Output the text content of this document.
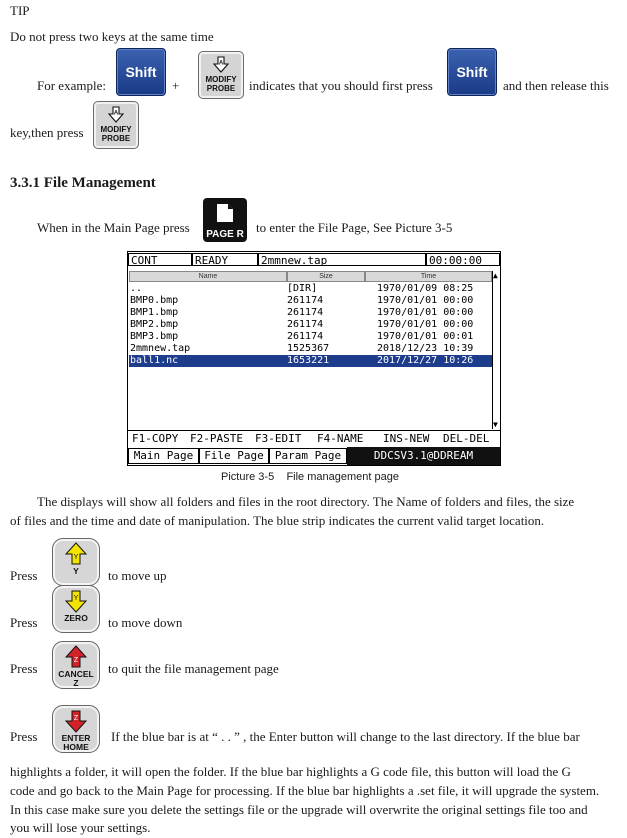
TIP
Do not press two keys at the same time
For example:
Shift
+
A
MODIFY
PROBE	indicates that you should first press
Shift
and then release this
key,then press
A
MODIFY
PROBE
3.3.1 File Management
When in the Main Page press	PAGE R to enter the File Page, See Picture 3-5
CONT	READY	2mmnew.tap	00:00:00
Name	Size	Time
..	[DIR]	1970/01/09 08:25
BMP0.bmp	261174	1970/01/01 00:00
BMP1.bmp	261174	1970/01/01 00:00
BMP2.bmp	261174	1970/01/01 00:00
BMP3.bmp	261174	1970/01/01 00:01
2mmnew.tap	1525367	2018/12/23 10:39
ball1.nc	1653221	2017/12/27 10:26
▲
▼
F1-COPY F2-PASTE F3-EDIT F4-NAME INS-NEW DEL-DEL
Main Page File Page	Param Page	DDCSV3.1@DDREAM
Picture 3-5 File management page
The displays will show all folders and files in the root directory. The Name of folders and files, the size
of files and the time and date of manipulation. The blue strip indicates the current valid target location.
Press
Y
Y	to move up
Press
Y
ZERO	to move down
Press
Z
CANCEL
Z
to quit the file management page
Press
Z
ENTER
HOME
If the blue bar is at “ . . ” , the Enter button will change to the last directory. If the blue bar
highlights a folder, it will open the folder. If the blue bar highlights a G code file, this button will load the G
code and go back to the Main Page for processing. If the blue bar highlights a .set file, it will upgrade the system.
In this case make sure you delete the settings file or the upgrade will overwrite the original settings file too and
you will lose your settings.
